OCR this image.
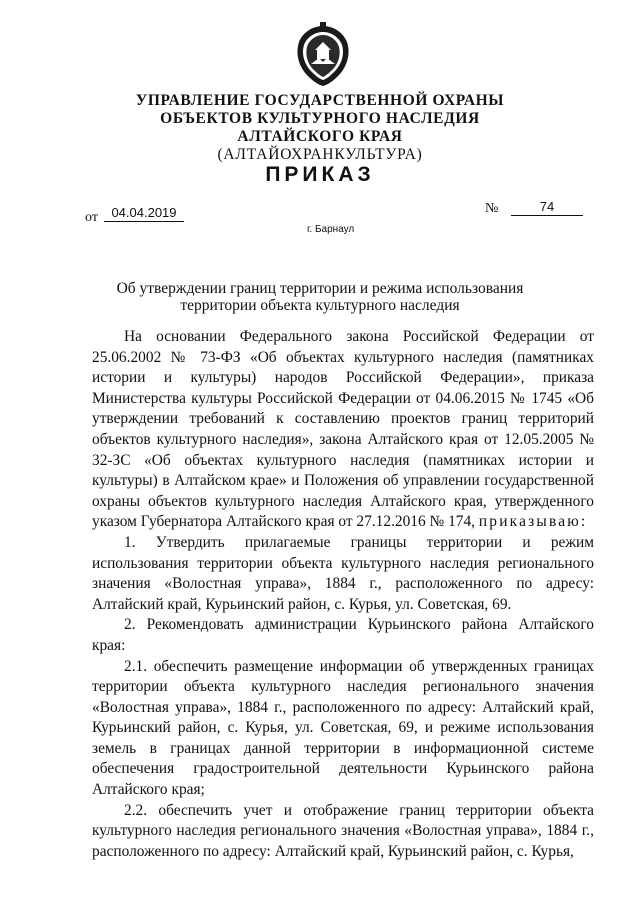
УПРАВЛЕНИЕ ГОСУДАРСТВЕННОЙ ОХРАНЫ
ОБЪЕКТОВ КУЛЬТУРНОГО НАСЛЕДИЯ
АЛТАЙСКОГО КРАЯ
(АЛТАЙОХРАНКУЛЬТУРА)
ПРИКАЗ
от	04.04.2019	№	74
г. Барнаул
Об утверждении границ территории и режима использования
территории объекта культурного наследия

На основании Федерального закона Российской Федерации от 25.06.2002 № 73-ФЗ «Об объектах культурного наследия (памятниках истории и культуры) народов Российской Федерации», приказа Министерства культуры Российской Федерации от 04.06.2015 № 1745 «Об утверждении требований к составлению проектов границ территорий объектов культурного наследия», закона Алтайского края от 12.05.2005 № 32-ЗС «Об объектах культурного наследия (памятниках истории и культуры) в Алтайском крае» и Положения об управлении государственной охраны объектов культурного наследия Алтайского края, утвержденного указом Губернатора Алтайского края от 27.12.2016 № 174, приказываю:

1. Утвердить прилагаемые границы территории и режим использования территории объекта культурного наследия регионального значения «Волостная управа», 1884 г., расположенного по адресу: Алтайский край, Курьинский район, с. Курья, ул. Советская, 69.

2. Рекомендовать администрации Курьинского района Алтайского края:

2.1. обеспечить размещение информации об утвержденных границах территории объекта культурного наследия регионального значения «Волостная управа», 1884 г., расположенного по адресу: Алтайский край, Курьинский район, с. Курья, ул. Советская, 69, и режиме использования земель в границах данной территории в информационной системе обеспечения градостроительной деятельности Курьинского района Алтайского края;

2.2. обеспечить учет и отображение границ территории объекта культурного наследия регионального значения «Волостная управа», 1884 г., расположенного по адресу: Алтайский край, Курьинский район, с. Курья,
